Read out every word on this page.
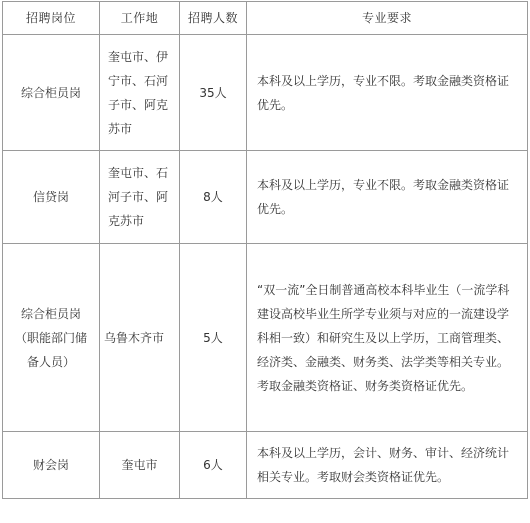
招聘岗位	工作地	招聘人数	专业要求

综合柜员岗	奎屯市、伊宁市、石河子市、阿克苏市	35人	本科及以上学历，专业不限。考取金融类资格证优先。

信贷岗	奎屯市、石河子市、阿克苏市	8人	本科及以上学历，专业不限。考取金融类资格证优先。

综合柜员岗（职能部门储备人员）	乌鲁木齐市	5人	“双一流”全日制普通高校本科毕业生（一流学科建设高校毕业生所学专业须与对应的一流建设学科相一致）和研究生及以上学历，工商管理类、经济类、金融类、财务类、法学类等相关专业。考取金融类资格证、财务类资格证优先。

财会岗	奎屯市	6人	本科及以上学历，会计、财务、审计、经济统计相关专业。考取财会类资格证优先。
